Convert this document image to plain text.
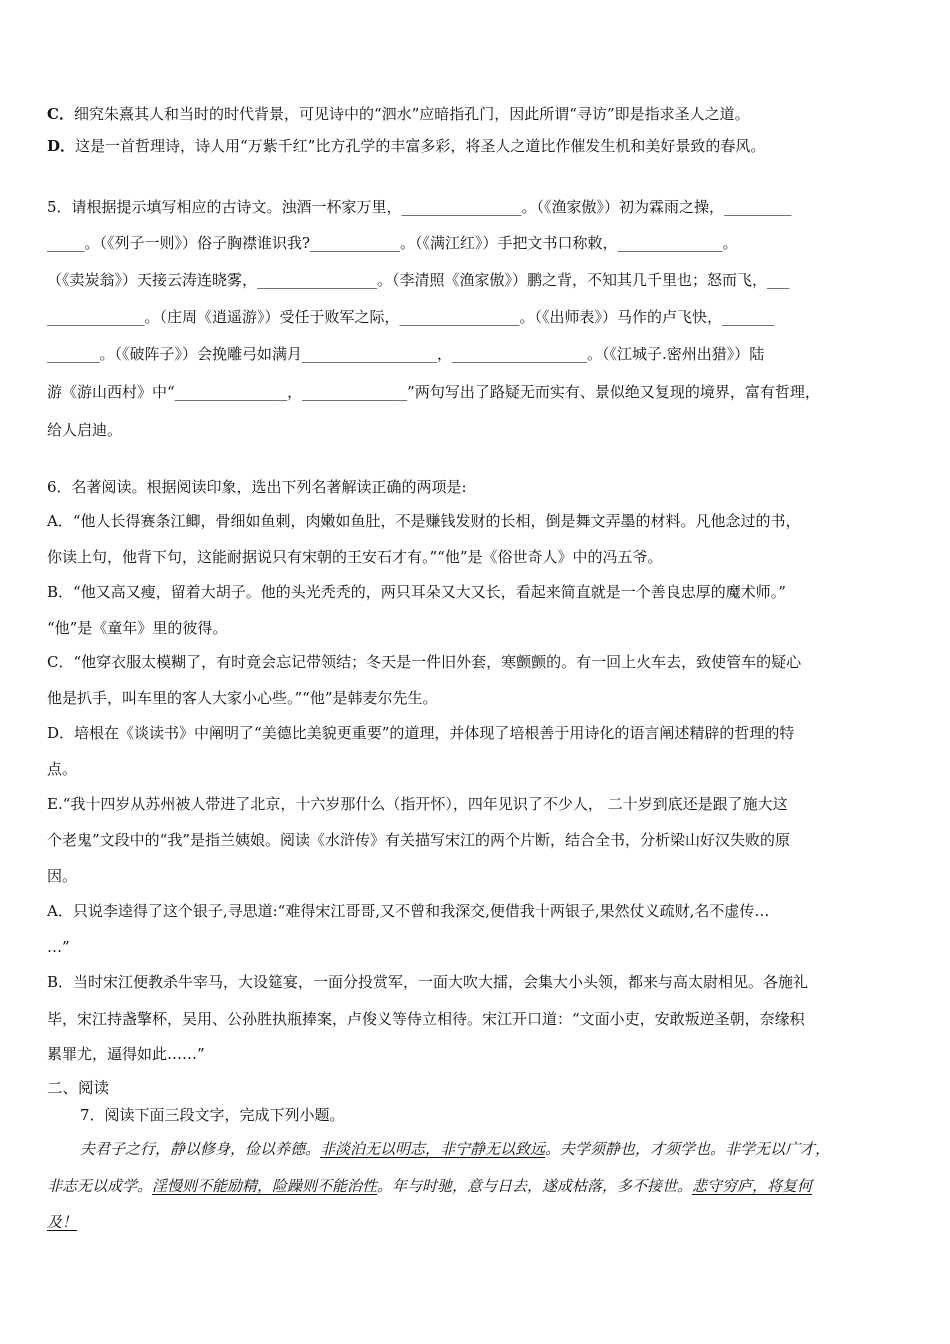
C．细究朱熹其人和当时的时代背景，可见诗中的“泗水”应暗指孔门，因此所谓“寻访”即是指求圣人之道。
D．这是一首哲理诗，诗人用“万紫千红”比方孔学的丰富多彩，将圣人之道比作催发生机和美好景致的春风。
5．请根据提示填写相应的古诗文。浊酒一杯家万里，________________。（《渔家傲》）初为霖雨之操，_________
_____。（《列子一则》）俗子胸襟谁识我?____________。（《满江红》）手把文书口称敕，______________。
（《卖炭翁》）天接云涛连晓雾，________________。（李清照《渔家傲》）鹏之背，不知其几千里也；怒而飞，___
_____________。（庄周《逍遥游》）受任于败军之际，________________。（《出师表》）马作的卢飞快，_______
_______。（《破阵子》）会挽雕弓如满月__________________，__________________。（《江城子.密州出猎》）陆
游《游山西村》中“_______________，______________”两句写出了路疑无而实有、景似绝又复现的境界，富有哲理，
给人启迪。
6．名著阅读。根据阅读印象，选出下列名著解读正确的两项是:
A．“他人长得赛条江鲫，骨细如鱼刺，肉嫩如鱼肚，不是赚钱发财的长相，倒是舞文弄墨的材料。凡他念过的书，
你读上句，他背下句，这能耐据说只有宋朝的王安石才有。”“他”是《俗世奇人》中的冯五爷。
B．“他又高又瘦，留着大胡子。他的头光秃秃的，两只耳朵又大又长，看起来简直就是一个善良忠厚的魔术师。”
“他”是《童年》里的彼得。
C．“他穿衣服太模糊了，有时竟会忘记带领结；冬天是一件旧外套，寒颤颤的。有一回上火车去，致使管车的疑心
他是扒手，叫车里的客人大家小心些。”“他”是韩麦尔先生。
D．培根在《谈读书》中阐明了“美德比美貌更重要”的道理，并体现了培根善于用诗化的语言阐述精辟的哲理的特
点。
E.“我十四岁从苏州被人带进了北京，十六岁那什么（指开怀），四年见识了不少人， 二十岁到底还是跟了施大这
个老鬼”文段中的“我”是指兰姨娘。阅读《水浒传》有关描写宋江的两个片断，结合全书，分析梁山好汉失败的原
因。
A．只说李逵得了这个银子,寻思道:“难得宋江哥哥,又不曾和我深交,便借我十两银子,果然仗义疏财,名不虚传…
…”
B．当时宋江便教杀牛宰马，大设筵宴，一面分投赏军，一面大吹大擂，会集大小头领，都来与高太尉相见。各施礼
毕，宋江持盏擎杯，吴用、公孙胜执瓶捧案，卢俊义等侍立相待。宋江开口道：“文面小吏，安敢叛逆圣朝，奈缘积
累罪尤，逼得如此……”
二、阅读
7．阅读下面三段文字，完成下列小题。
夫君子之行，静以修身，俭以养德。非淡泊无以明志，非宁静无以致远。夫学须静也，才须学也。非学无以广才，
非志无以成学。淫慢则不能励精，险躁则不能治性。年与时驰，意与日去，遂成枯落，多不接世。悲守穷庐，将复何
及！
